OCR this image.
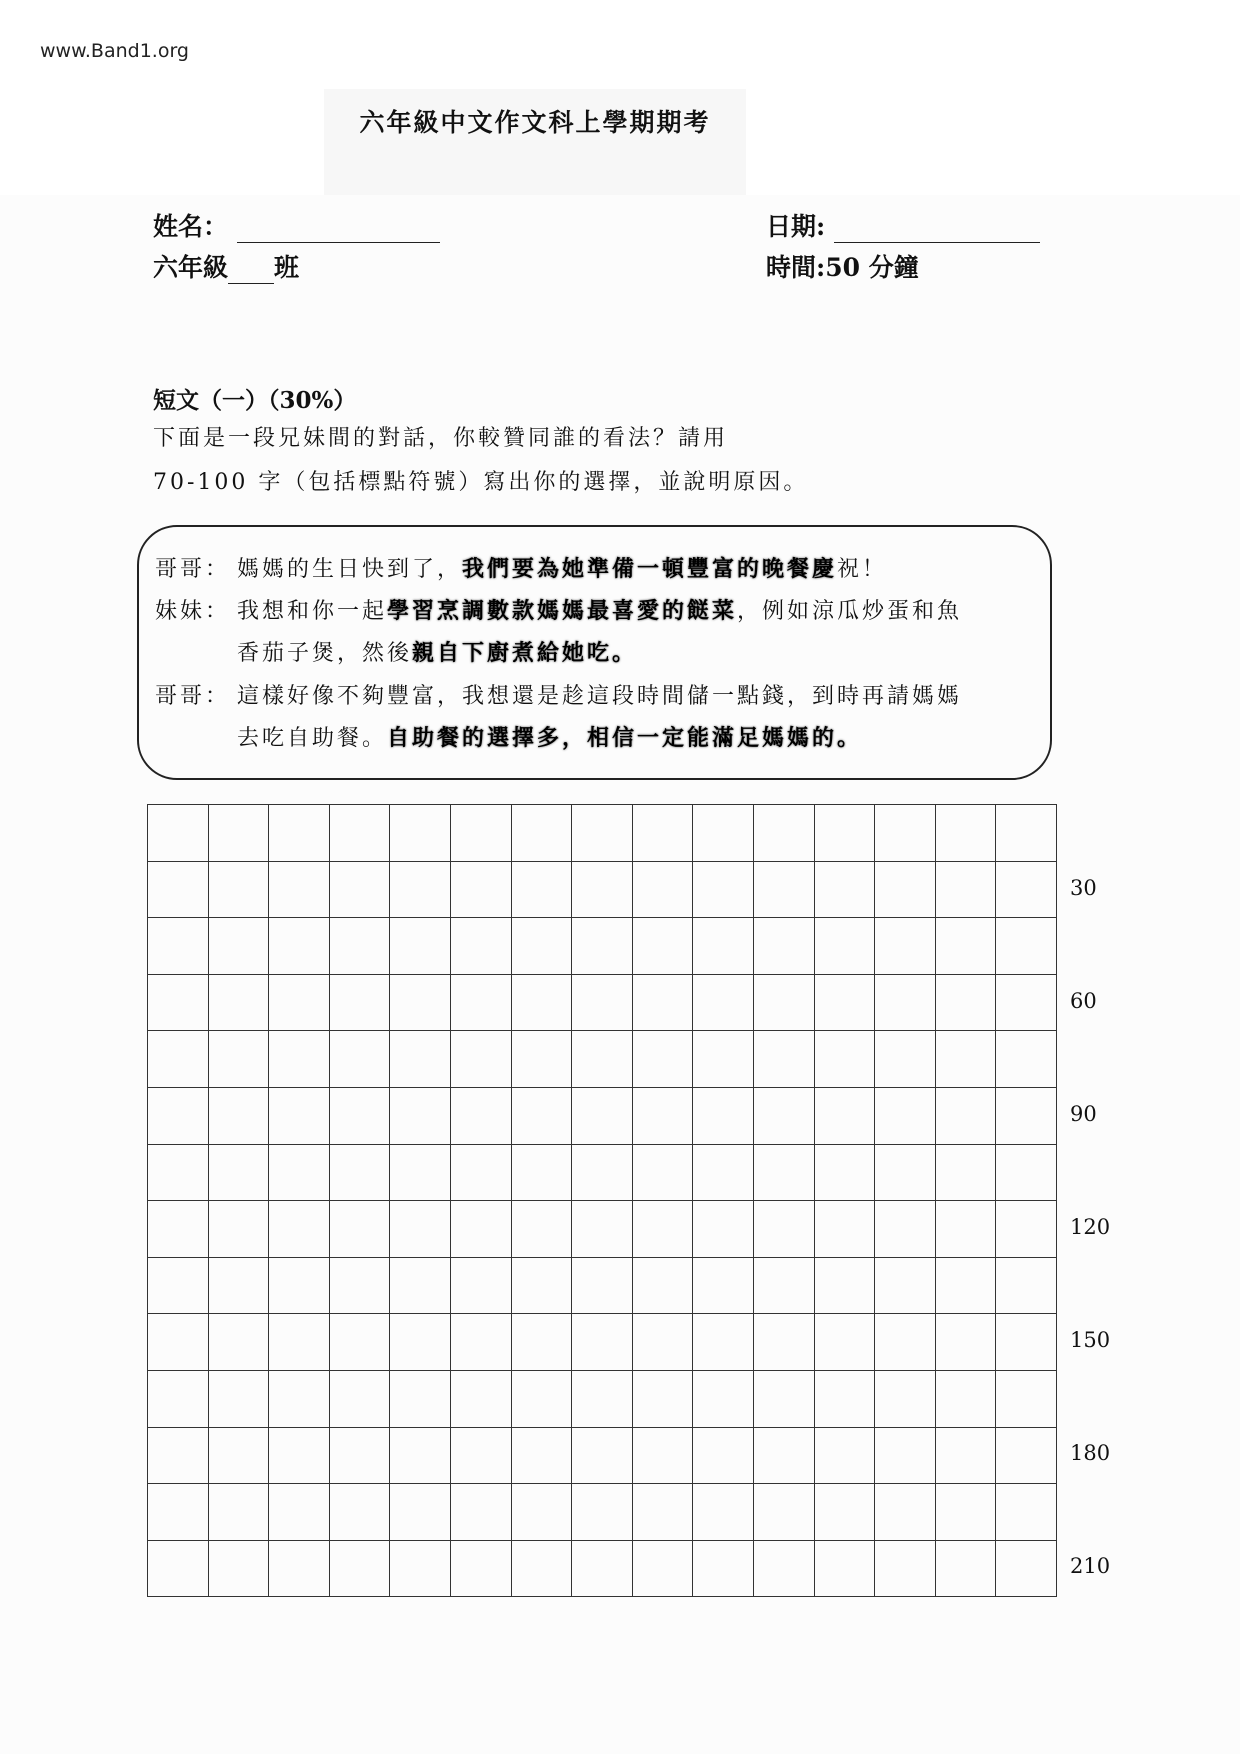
www.Band1.org
六年級中文作文科上學期期考
姓名：	日期:
六年級 班	時間:50 分鐘
短文（一）（30%）
下面是一段兄妹間的對話，你較贊同誰的看法？請用
70-100 字（包括標點符號）寫出你的選擇，並說明原因。
哥哥： 媽媽的生日快到了，我們要為她準備一頓豐富的晚餐慶祝！
妹妹： 我想和你一起學習烹調數款媽媽最喜愛的餸菜，例如涼瓜炒蛋和魚
香茄子煲，然後親自下廚煮給她吃。
哥哥： 這樣好像不夠豐富，我想還是趁這段時間儲一點錢，到時再請媽媽
去吃自助餐。自助餐的選擇多，相信一定能滿足媽媽的。

30
60
90
120
150
180
210
